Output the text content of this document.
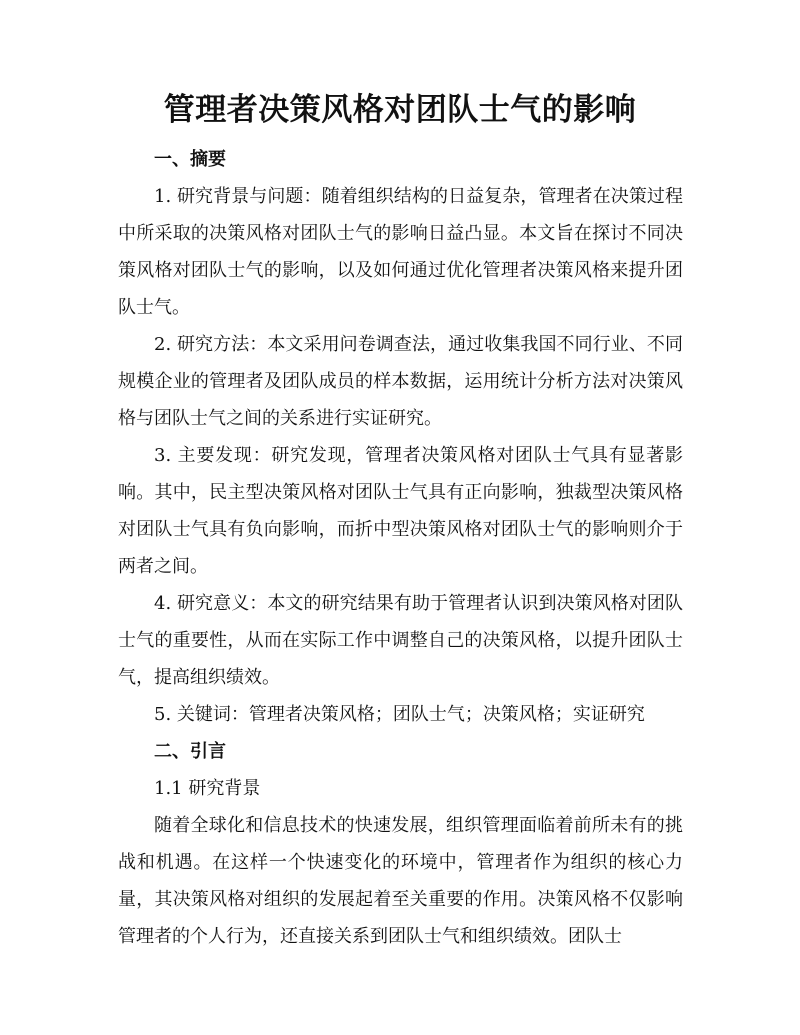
管理者决策风格对团队士气的影响

一、摘要

1. 研究背景与问题：随着组织结构的日益复杂，管理者在决策过程中所采取的决策风格对团队士气的影响日益凸显。本文旨在探讨不同决策风格对团队士气的影响，以及如何通过优化管理者决策风格来提升团队士气。

2. 研究方法：本文采用问卷调查法，通过收集我国不同行业、不同规模企业的管理者及团队成员的样本数据，运用统计分析方法对决策风格与团队士气之间的关系进行实证研究。

3. 主要发现：研究发现，管理者决策风格对团队士气具有显著影响。其中，民主型决策风格对团队士气具有正向影响，独裁型决策风格对团队士气具有负向影响，而折中型决策风格对团队士气的影响则介于两者之间。

4. 研究意义：本文的研究结果有助于管理者认识到决策风格对团队士气的重要性，从而在实际工作中调整自己的决策风格，以提升团队士气，提高组织绩效。

5. 关键词：管理者决策风格；团队士气；决策风格；实证研究

二、引言

1.1 研究背景

随着全球化和信息技术的快速发展，组织管理面临着前所未有的挑战和机遇。在这样一个快速变化的环境中，管理者作为组织的核心力量，其决策风格对组织的发展起着至关重要的作用。决策风格不仅影响管理者的个人行为，还直接关系到团队士气和组织绩效。团队士
